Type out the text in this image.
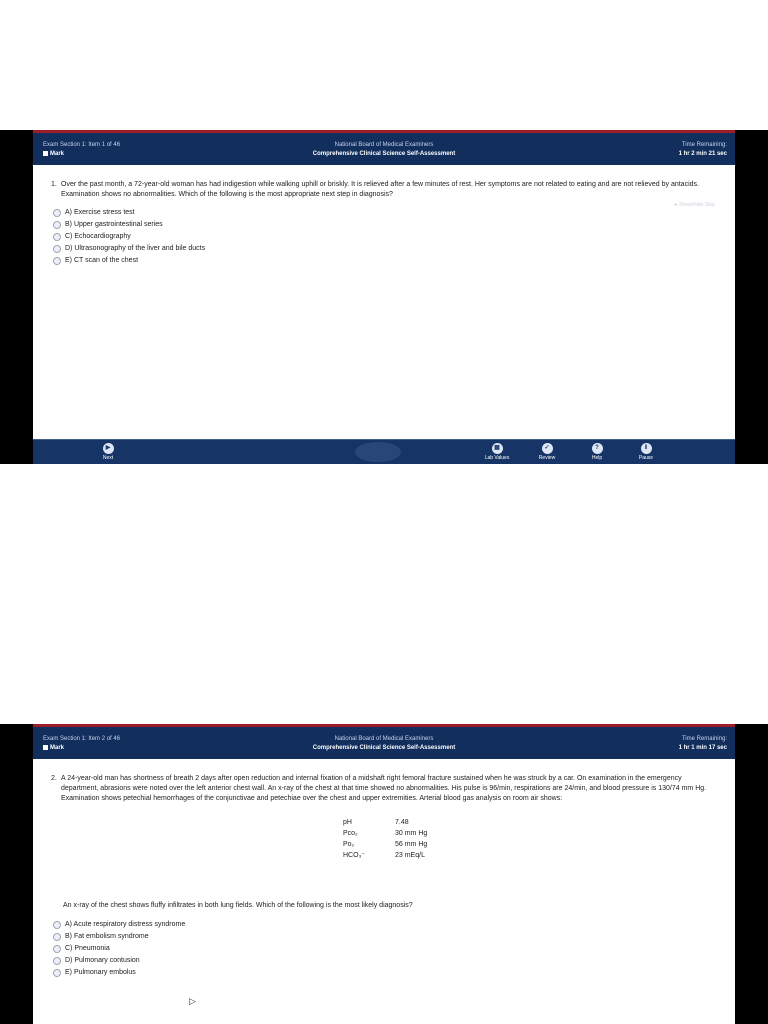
Exam Section 1: Item 1 of 46
Mark
National Board of Medical Examiners
Comprehensive Clinical Science Self-Assessment
Time Remaining:
1 hr 2 min 21 sec
1. Over the past month, a 72-year-old woman has had indigestion while walking uphill or briskly. It is relieved after a few minutes of rest. Her symptoms are not related to eating and are not relieved by antacids. Examination shows no abnormalities. Which of the following is the most appropriate next step in diagnosis?
◄ Show/Hide Step
A) Exercise stress test
B) Upper gastrointestinal series
C) Echocardiography
D) Ultrasonography of the liver and bile ducts
E) CT scan of the chest
▶
Next
▦
Lab Values
✓
Review
?
Help
‖
Pause
Exam Section 1: Item 2 of 46
Mark
National Board of Medical Examiners
Comprehensive Clinical Science Self-Assessment
Time Remaining:
1 hr 1 min 17 sec
2. A 24-year-old man has shortness of breath 2 days after open reduction and internal fixation of a midshaft right femoral fracture sustained when he was struck by a car. On examination in the emergency department, abrasions were noted over the left anterior chest wall. An x-ray of the chest at that time showed no abnormalities. His pulse is 96/min, respirations are 24/min, and blood pressure is 130/74 mm Hg. Examination shows petechial hemorrhages of the conjunctivae and petechiae over the chest and upper extremities. Arterial blood gas analysis on room air shows:
pH	7.48
Pco₂	30 mm Hg
Po₂	56 mm Hg
HCO₃⁻	23 mEq/L
An x-ray of the chest shows fluffy infiltrates in both lung fields. Which of the following is the most likely diagnosis?
A) Acute respiratory distress syndrome
B) Fat embolism syndrome
C) Pneumonia
D) Pulmonary contusion
E) Pulmonary embolus
▷
